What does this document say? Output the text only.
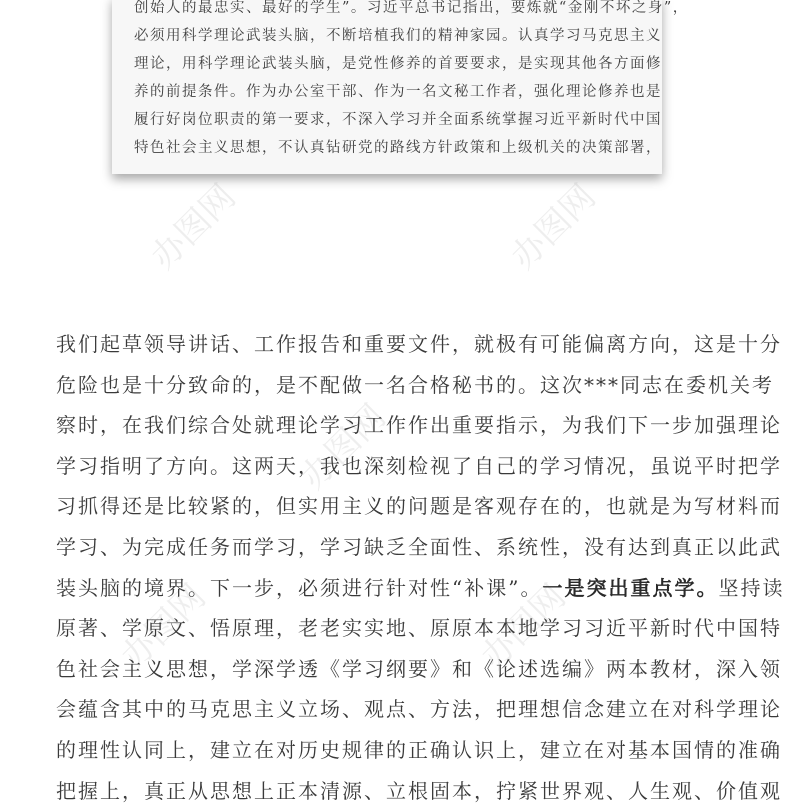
办图网	办图网
办图网
办图网	办图网
创始人的最忠实、最好的学生”。习近平总书记指出，要炼就“金刚不坏之身”，
必须用科学理论武装头脑，不断培植我们的精神家园。认真学习马克思主义
理论，用科学理论武装头脑，是党性修养的首要要求，是实现其他各方面修
养的前提条件。作为办公室干部、作为一名文秘工作者，强化理论修养也是
履行好岗位职责的第一要求，不深入学习并全面系统掌握习近平新时代中国
特色社会主义思想，不认真钻研党的路线方针政策和上级机关的决策部署，
我们起草领导讲话、工作报告和重要文件，就极有可能偏离方向，这是十分
危险也是十分致命的，是不配做一名合格秘书的。这次***同志在委机关考
察时，在我们综合处就理论学习工作作出重要指示，为我们下一步加强理论
学习指明了方向。这两天，我也深刻检视了自己的学习情况，虽说平时把学
习抓得还是比较紧的，但实用主义的问题是客观存在的，也就是为写材料而
学习、为完成任务而学习，学习缺乏全面性、系统性，没有达到真正以此武
装头脑的境界。下一步，必须进行针对性“补课”。一是突出重点学。坚持读
原著、学原文、悟原理，老老实实地、原原本本地学习习近平新时代中国特
色社会主义思想，学深学透《学习纲要》和《论述选编》两本教材，深入领
会蕴含其中的马克思主义立场、观点、方法，把理想信念建立在对科学理论
的理性认同上，建立在对历史规律的正确认识上，建立在对基本国情的准确
把握上，真正从思想上正本清源、立根固本，拧紧世界观、人生观、价值观
